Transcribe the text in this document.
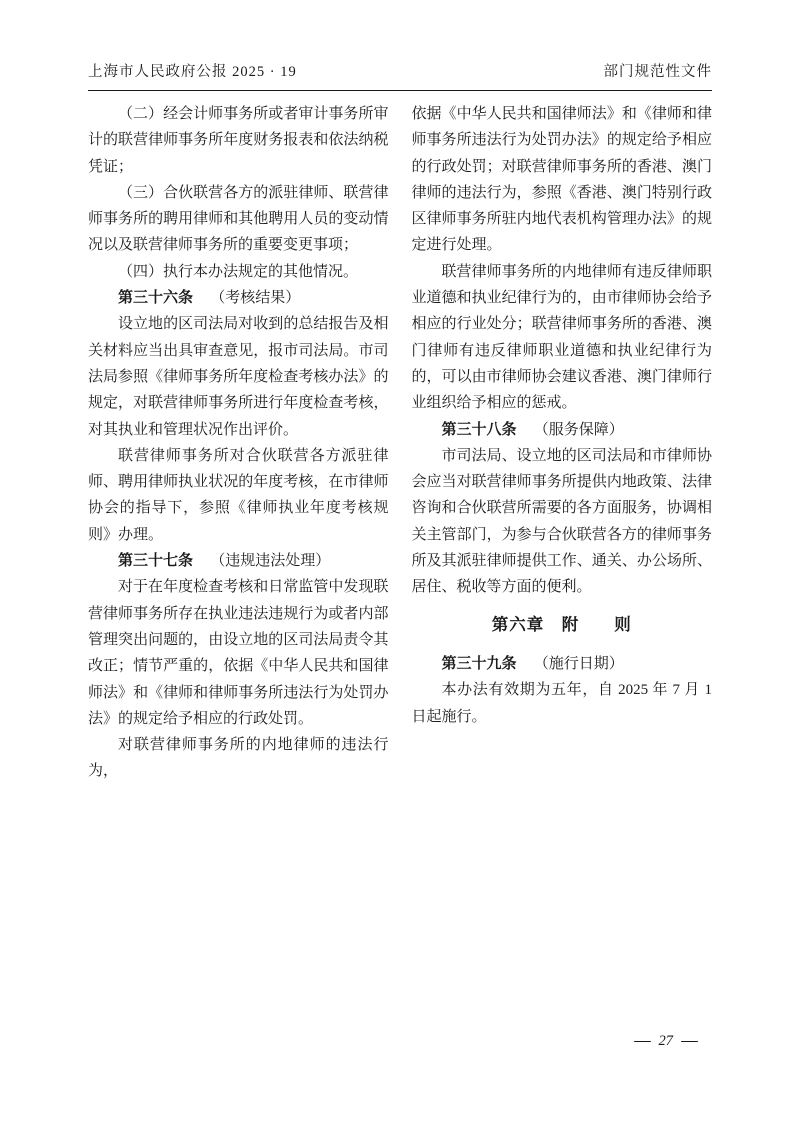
上海市人民政府公报 2025 · 19	部门规范性文件

（二）经会计师事务所或者审计事务所审计的联营律师事务所年度财务报表和依法纳税凭证；

（三）合伙联营各方的派驻律师、联营律师事务所的聘用律师和其他聘用人员的变动情况以及联营律师事务所的重要变更事项；

（四）执行本办法规定的其他情况。

第三十六条 （考核结果）

设立地的区司法局对收到的总结报告及相关材料应当出具审查意见，报市司法局。市司法局参照《律师事务所年度检查考核办法》的规定，对联营律师事务所进行年度检查考核，对其执业和管理状况作出评价。

联营律师事务所对合伙联营各方派驻律师、聘用律师执业状况的年度考核，在市律师协会的指导下，参照《律师执业年度考核规则》办理。

第三十七条 （违规违法处理）

对于在年度检查考核和日常监管中发现联营律师事务所存在执业违法违规行为或者内部管理突出问题的，由设立地的区司法局责令其改正；情节严重的，依据《中华人民共和国律师法》和《律师和律师事务所违法行为处罚办法》的规定给予相应的行政处罚。

对联营律师事务所的内地律师的违法行为，

依据《中华人民共和国律师法》和《律师和律师事务所违法行为处罚办法》的规定给予相应的行政处罚；对联营律师事务所的香港、澳门律师的违法行为，参照《香港、澳门特别行政区律师事务所驻内地代表机构管理办法》的规定进行处理。

联营律师事务所的内地律师有违反律师职业道德和执业纪律行为的，由市律师协会给予相应的行业处分；联营律师事务所的香港、澳门律师有违反律师职业道德和执业纪律行为的，可以由市律师协会建议香港、澳门律师行业组织给予相应的惩戒。

第三十八条 （服务保障）

市司法局、设立地的区司法局和市律师协会应当对联营律师事务所提供内地政策、法律咨询和合伙联营所需要的各方面服务，协调相关主管部门，为参与合伙联营各方的律师事务所及其派驻律师提供工作、通关、办公场所、居住、税收等方面的便利。

第六章　附　　则

第三十九条 （施行日期）

本办法有效期为五年，自 2025 年 7 月 1 日起施行。

— 27 —
